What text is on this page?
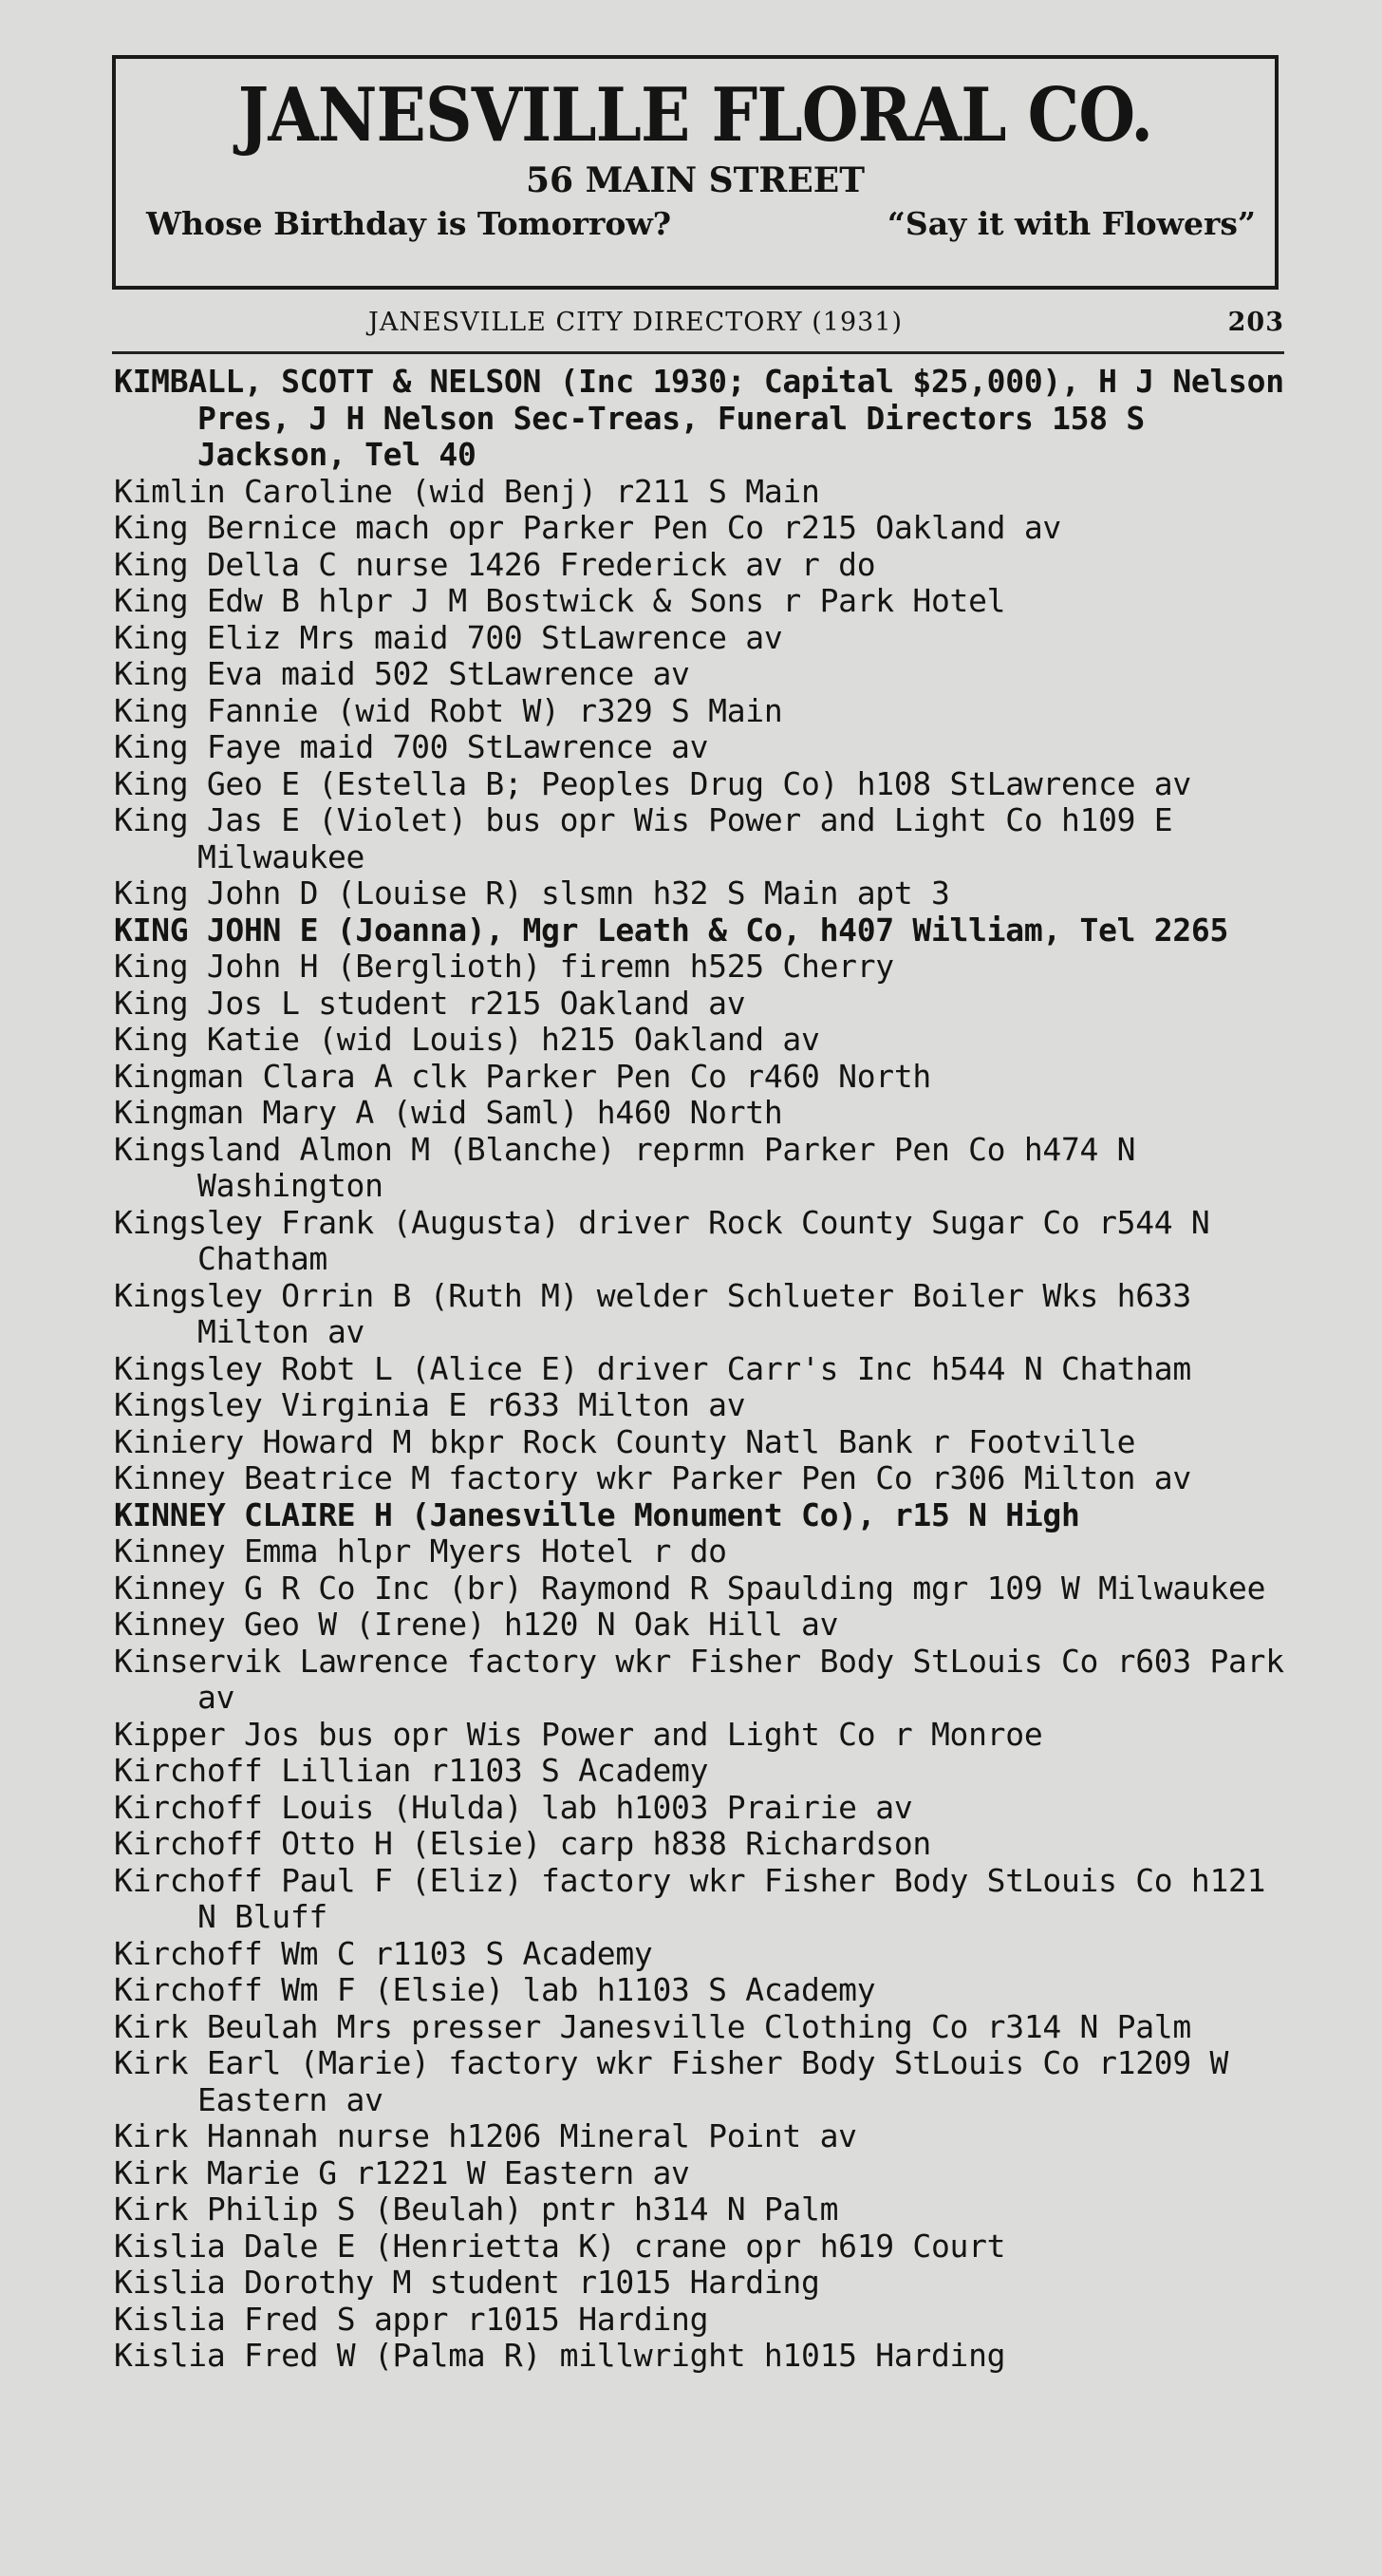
JANESVILLE FLORAL CO.
56 MAIN STREET
Whose Birthday is Tomorrow?	“Say it with Flowers”
JANESVILLE CITY DIRECTORY (1931)	203
KIMBALL, SCOTT & NELSON (Inc 1930; Capital $25,000), H J Nelson Pres, J H Nelson Sec-Treas, Funeral Directors 158 S Jackson, Tel 40
Kimlin Caroline (wid Benj) r211 S Main
King Bernice mach opr Parker Pen Co r215 Oakland av
King Della C nurse 1426 Frederick av r do
King Edw B hlpr J M Bostwick & Sons r Park Hotel
King Eliz Mrs maid 700 StLawrence av
King Eva maid 502 StLawrence av
King Fannie (wid Robt W) r329 S Main
King Faye maid 700 StLawrence av
King Geo E (Estella B; Peoples Drug Co) h108 StLawrence av
King Jas E (Violet) bus opr Wis Power and Light Co h109 E Milwaukee
King John D (Louise R) slsmn h32 S Main apt 3
KING JOHN E (Joanna), Mgr Leath & Co, h407 William, Tel 2265
King John H (Berglioth) firemn h525 Cherry
King Jos L student r215 Oakland av
King Katie (wid Louis) h215 Oakland av
Kingman Clara A clk Parker Pen Co r460 North
Kingman Mary A (wid Saml) h460 North
Kingsland Almon M (Blanche) reprmn Parker Pen Co h474 N Washington
Kingsley Frank (Augusta) driver Rock County Sugar Co r544 N Chatham
Kingsley Orrin B (Ruth M) welder Schlueter Boiler Wks h633 Milton av
Kingsley Robt L (Alice E) driver Carr's Inc h544 N Chatham
Kingsley Virginia E r633 Milton av
Kiniery Howard M bkpr Rock County Natl Bank r Footville
Kinney Beatrice M factory wkr Parker Pen Co r306 Milton av
KINNEY CLAIRE H (Janesville Monument Co), r15 N High
Kinney Emma hlpr Myers Hotel r do
Kinney G R Co Inc (br) Raymond R Spaulding mgr 109 W Milwaukee
Kinney Geo W (Irene) h120 N Oak Hill av
Kinservik Lawrence factory wkr Fisher Body StLouis Co r603 Park av
Kipper Jos bus opr Wis Power and Light Co r Monroe
Kirchoff Lillian r1103 S Academy
Kirchoff Louis (Hulda) lab h1003 Prairie av
Kirchoff Otto H (Elsie) carp h838 Richardson
Kirchoff Paul F (Eliz) factory wkr Fisher Body StLouis Co h121 N Bluff
Kirchoff Wm C r1103 S Academy
Kirchoff Wm F (Elsie) lab h1103 S Academy
Kirk Beulah Mrs presser Janesville Clothing Co r314 N Palm
Kirk Earl (Marie) factory wkr Fisher Body StLouis Co r1209 W Eastern av
Kirk Hannah nurse h1206 Mineral Point av
Kirk Marie G r1221 W Eastern av
Kirk Philip S (Beulah) pntr h314 N Palm
Kislia Dale E (Henrietta K) crane opr h619 Court
Kislia Dorothy M student r1015 Harding
Kislia Fred S appr r1015 Harding
Kislia Fred W (Palma R) millwright h1015 Harding
